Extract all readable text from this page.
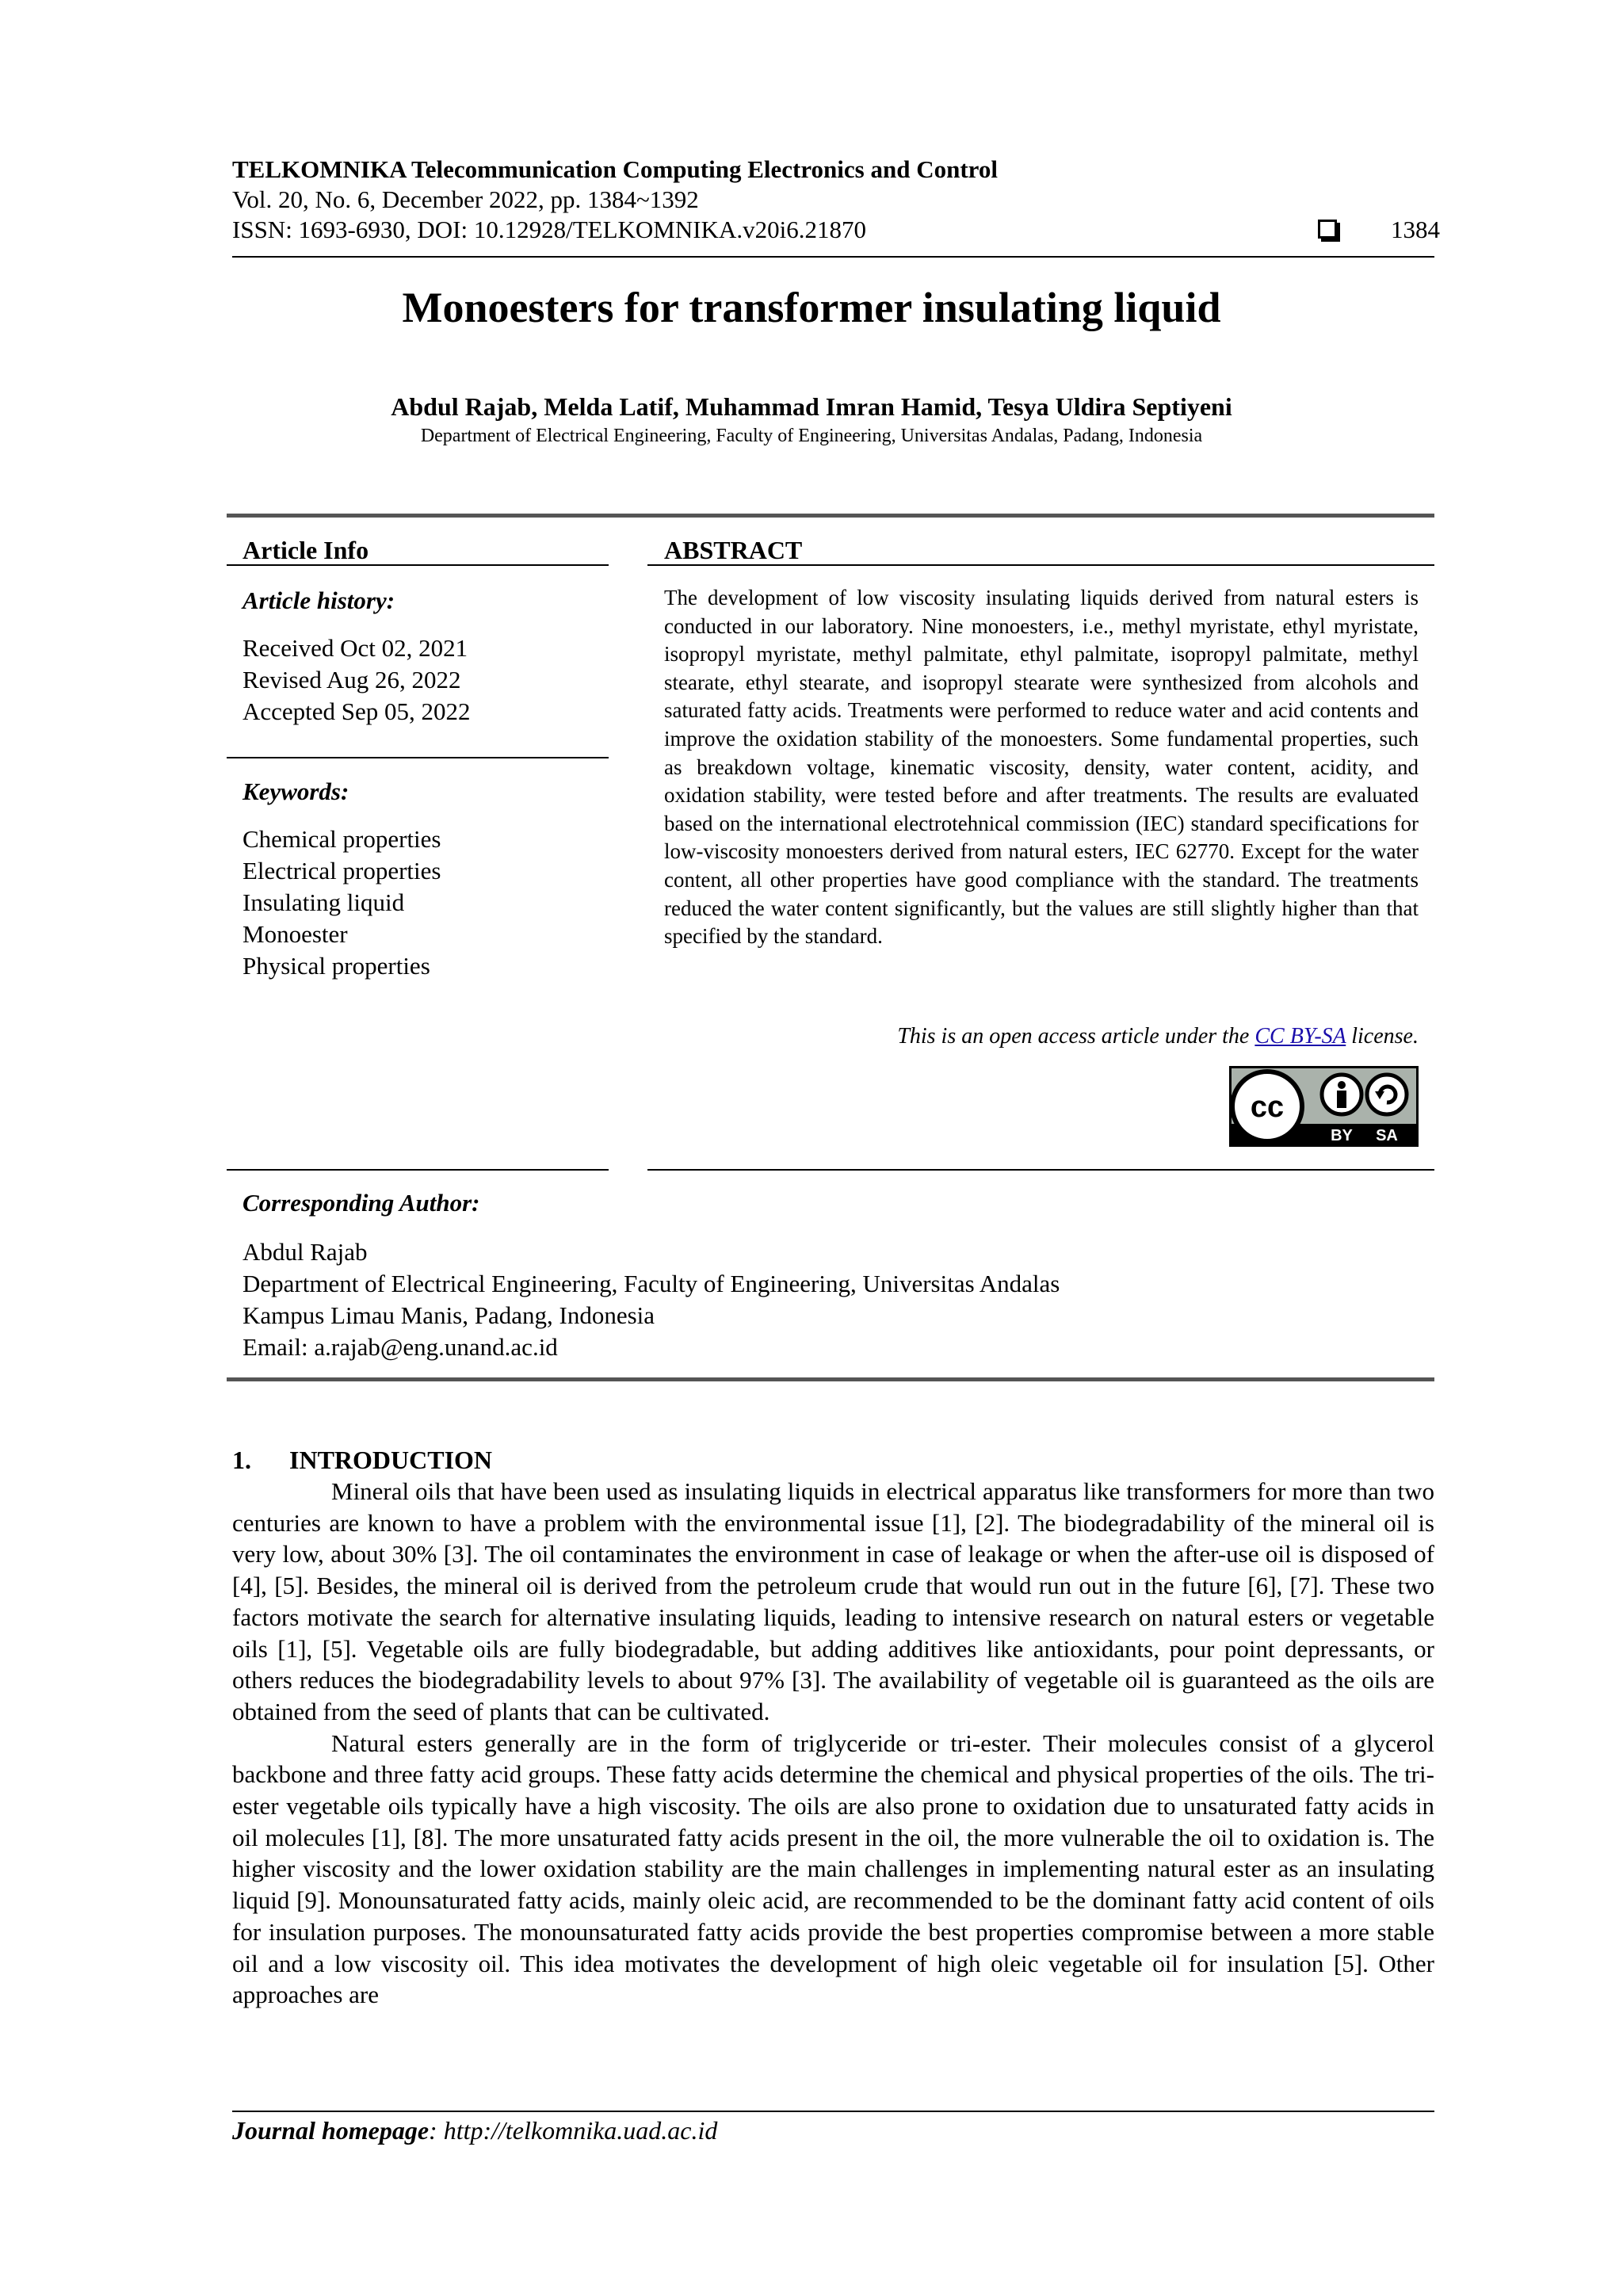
TELKOMNIKA Telecommunication Computing Electronics and Control
Vol. 20, No. 6, December 2022, pp. 1384~1392
ISSN: 1693-6930, DOI: 10.12928/TELKOMNIKA.v20i6.21870	1384
Monoesters for transformer insulating liquid
Abdul Rajab, Melda Latif, Muhammad Imran Hamid, Tesya Uldira Septiyeni
Department of Electrical Engineering, Faculty of Engineering, Universitas Andalas, Padang, Indonesia
Article Info
Article history:
Received Oct 02, 2021
Revised Aug 26, 2022
Accepted Sep 05, 2022
Keywords:
Chemical properties
Electrical properties
Insulating liquid
Monoester
Physical properties
ABSTRACT
The development of low viscosity insulating liquids derived from natural esters is conducted in our laboratory. Nine monoesters, i.e., methyl myristate, ethyl myristate, isopropyl myristate, methyl palmitate, ethyl palmitate, isopropyl palmitate, methyl stearate, ethyl stearate, and isopropyl stearate were synthesized from alcohols and saturated fatty acids. Treatments were performed to reduce water and acid contents and improve the oxidation stability of the monoesters. Some fundamental properties, such as breakdown voltage, kinematic viscosity, density, water content, acidity, and oxidation stability, were tested before and after treatments. The results are evaluated based on the international electrotehnical commission (IEC) standard specifications for low-viscosity monoesters derived from natural esters, IEC 62770. Except for the water content, all other properties have good compliance with the standard. The treatments reduced the water content significantly, but the values are still slightly higher than that specified by the standard.
This is an open access article under the CC BY-SA license.
cc
BY SA
Corresponding Author:
Abdul Rajab
Department of Electrical Engineering, Faculty of Engineering, Universitas Andalas
Kampus Limau Manis, Padang, Indonesia
Email: a.rajab@eng.unand.ac.id
1. INTRODUCTION
Mineral oils that have been used as insulating liquids in electrical apparatus like transformers for more than two centuries are known to have a problem with the environmental issue [1], [2]. The biodegradability of the mineral oil is very low, about 30% [3]. The oil contaminates the environment in case of leakage or when the after-use oil is disposed of [4], [5]. Besides, the mineral oil is derived from the petroleum crude that would run out in the future [6], [7]. These two factors motivate the search for alternative insulating liquids, leading to intensive research on natural esters or vegetable oils [1], [5]. Vegetable oils are fully biodegradable, but adding additives like antioxidants, pour point depressants, or others reduces the biodegradability levels to about 97% [3]. The availability of vegetable oil is guaranteed as the oils are obtained from the seed of plants that can be cultivated.
Natural esters generally are in the form of triglyceride or tri-ester. Their molecules consist of a glycerol backbone and three fatty acid groups. These fatty acids determine the chemical and physical properties of the oils. The tri-ester vegetable oils typically have a high viscosity. The oils are also prone to oxidation due to unsaturated fatty acids in oil molecules [1], [8]. The more unsaturated fatty acids present in the oil, the more vulnerable the oil to oxidation is. The higher viscosity and the lower oxidation stability are the main challenges in implementing natural ester as an insulating liquid [9]. Monounsaturated fatty acids, mainly oleic acid, are recommended to be the dominant fatty acid content of oils for insulation purposes. The monounsaturated fatty acids provide the best properties compromise between a more stable oil and a low viscosity oil. This idea motivates the development of high oleic vegetable oil for insulation [5]. Other approaches are
Journal homepage: http://telkomnika.uad.ac.id
